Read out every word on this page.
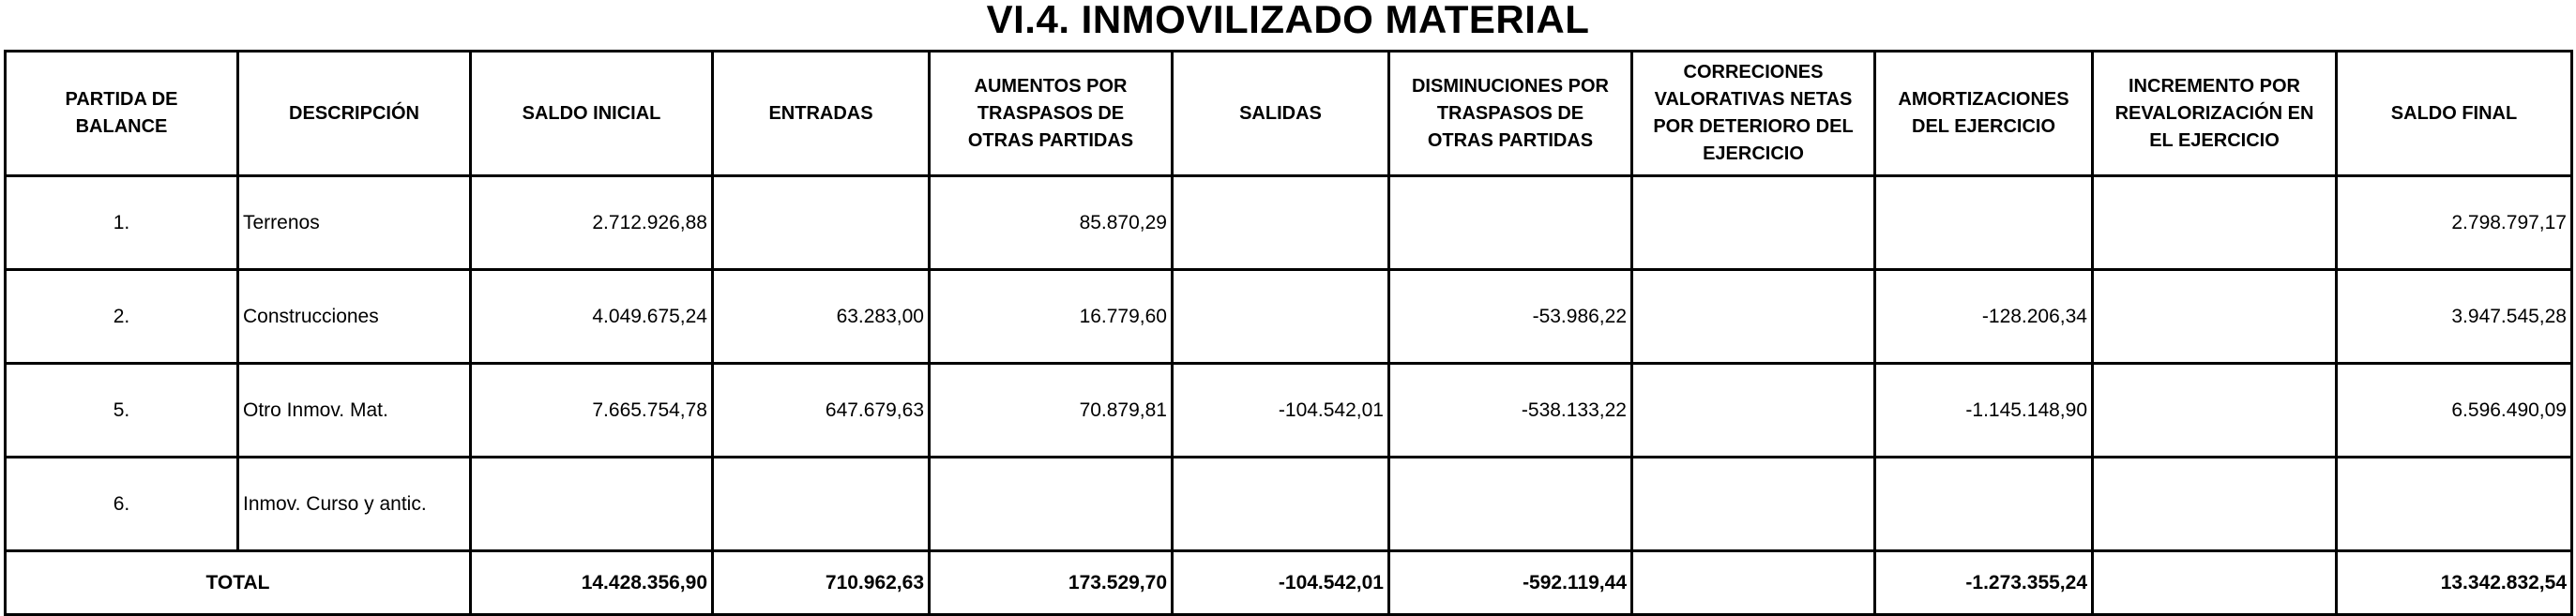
VI.4. INMOVILIZADO MATERIAL
PARTIDA DE
BALANCE	DESCRIPCIÓN	SALDO INICIAL	ENTRADAS	AUMENTOS POR
TRASPASOS DE
OTRAS PARTIDAS	SALIDAS	DISMINUCIONES POR
TRASPASOS DE
OTRAS PARTIDAS	CORRECIONES
VALORATIVAS NETAS
POR DETERIORO DEL
EJERCICIO	AMORTIZACIONES
DEL EJERCICIO	INCREMENTO POR
REVALORIZACIÓN EN
EL EJERCICIO	SALDO FINAL
1.	Terrenos	2.712.926,88		85.870,29						2.798.797,17
2.	Construcciones	4.049.675,24	63.283,00	16.779,60		-53.986,22		-128.206,34		3.947.545,28
5.	Otro Inmov. Mat.	7.665.754,78	647.679,63	70.879,81	-104.542,01	-538.133,22		-1.145.148,90		6.596.490,09
6.	Inmov. Curso y antic.									
TOTAL		14.428.356,90	710.962,63	173.529,70	-104.542,01	-592.119,44		-1.273.355,24		13.342.832,54
